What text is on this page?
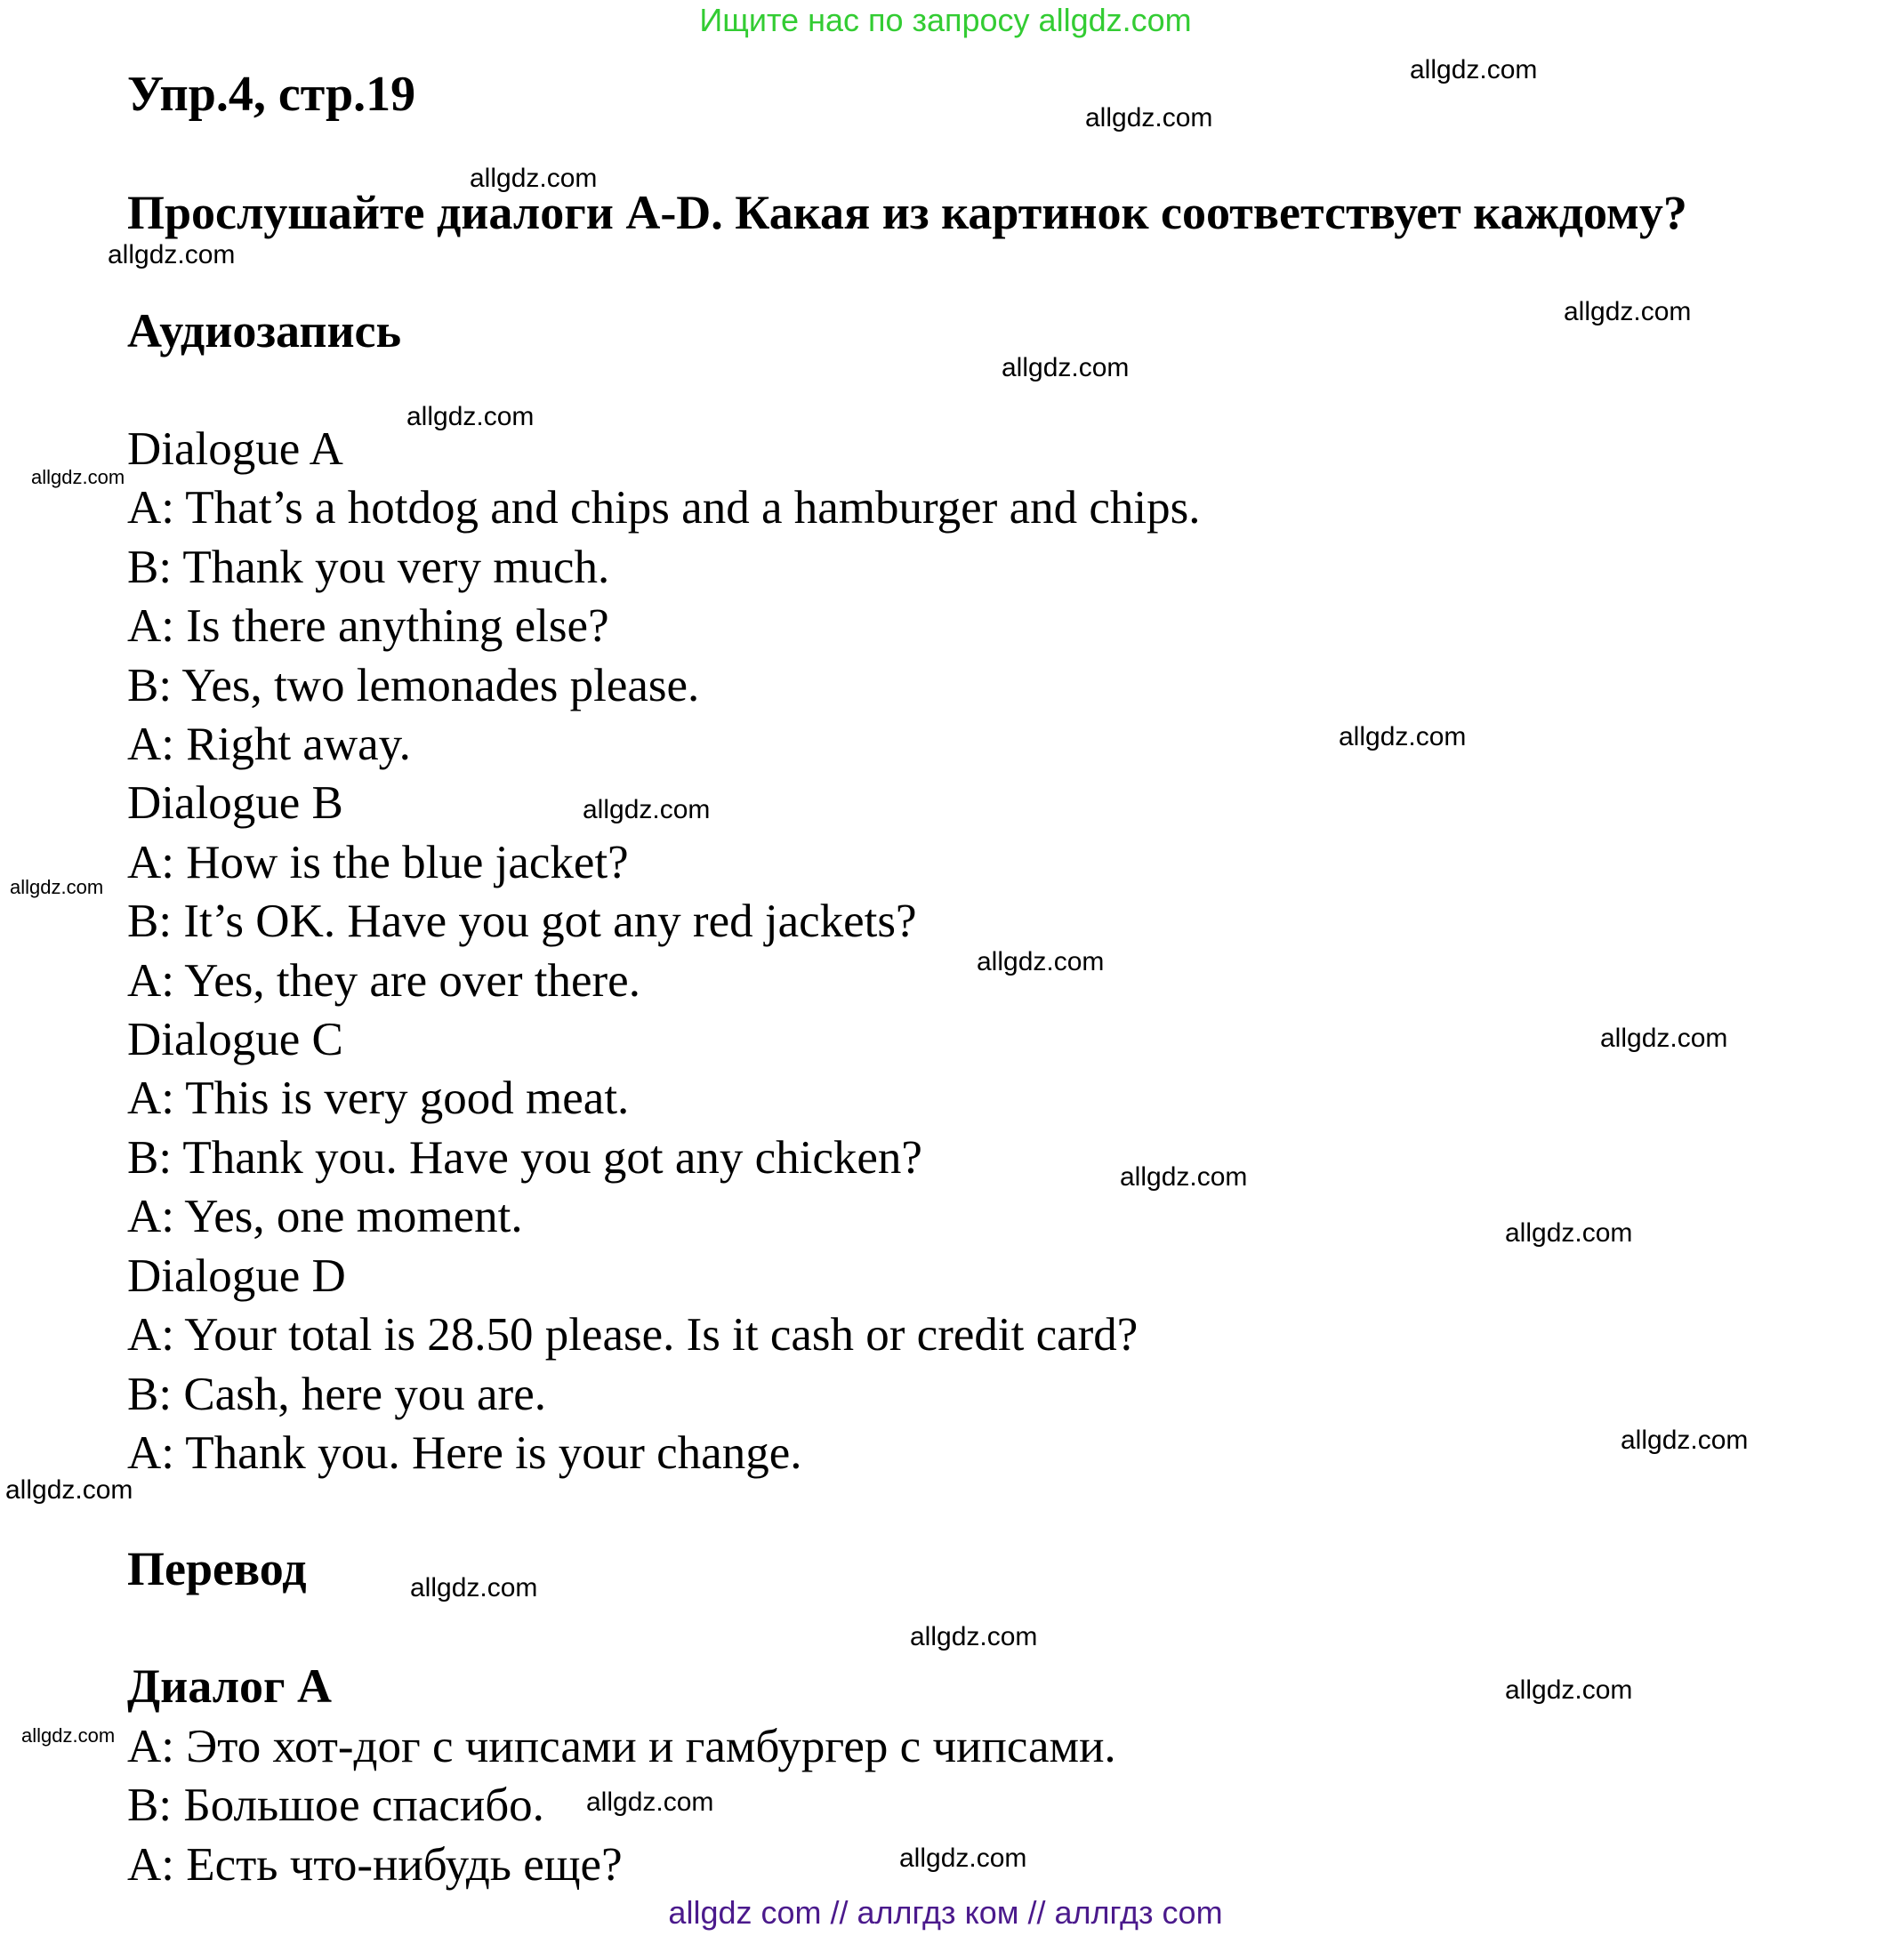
Ищите нас по запросу allgdz.com
Упр.4, стр.19
Прослушайте диалоги A-D. Какая из картинок соответствует каждому?
Аудиозапись
Dialogue A
A: That’s a hotdog and chips and a hamburger and chips.
B: Thank you very much.
A: Is there anything else?
B: Yes, two lemonades please.
A: Right away.
Dialogue B
A: How is the blue jacket?
B: It’s OK. Have you got any red jackets?
A: Yes, they are over there.
Dialogue C
A: This is very good meat.
B: Thank you. Have you got any chicken?
A: Yes, one moment.
Dialogue D
A: Your total is 28.50 please. Is it cash or credit card?
B: Cash, here you are.
A: Thank you. Here is your change.
Перевод
Диалог A
A: Это хот-дог с чипсами и гамбургер с чипсами.
B: Большое спасибо.
A: Есть что-нибудь еще?
allgdz.com
allgdz.com
allgdz.com
allgdz.com
allgdz.com
allgdz.com
allgdz.com
allgdz.com
allgdz.com
allgdz.com
allgdz.com
allgdz.com
allgdz.com
allgdz.com
allgdz.com
allgdz.com
allgdz.com
allgdz.com
allgdz.com
allgdz.com
allgdz.com
allgdz.com
allgdz.com
allgdz com // аллгдз ком // аллгдз com
